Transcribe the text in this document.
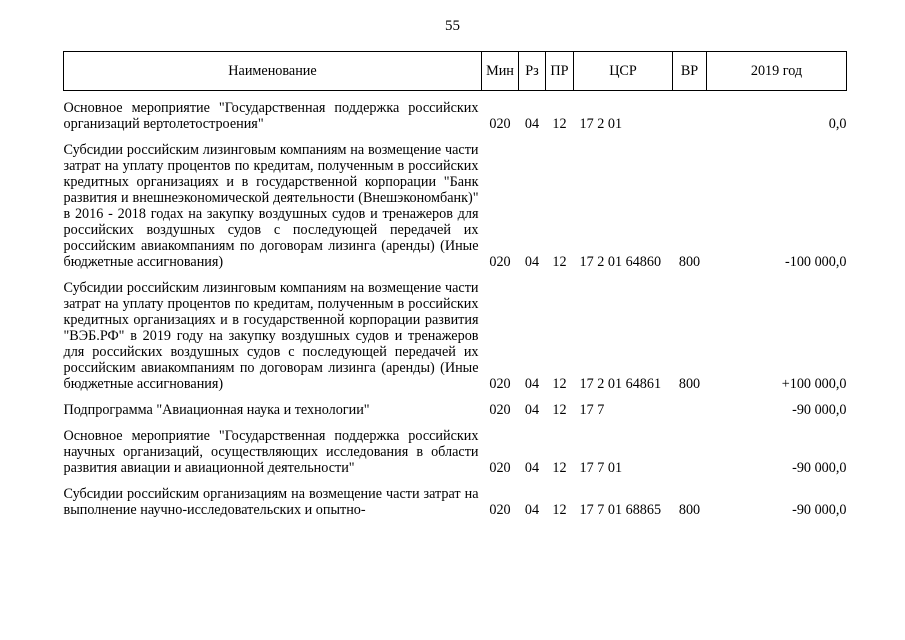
55
Наименование	Мин	Рз	ПР	ЦСР	ВР	2019 год
Основное мероприятие "Государственная поддержка российских организаций вертолетостроения"	020	04	12	17 2 01		0,0
Субсидии российским лизинговым компаниям на возмещение части затрат на уплату процентов по кредитам, полученным в российских кредитных организациях и в государственной корпорации "Банк развития и внешнеэкономической деятельности (Внешэкономбанк)" в 2016 - 2018 годах на закупку воздушных судов и тренажеров для российских воздушных судов с последующей передачей их российским авиакомпаниям по договорам лизинга (аренды) (Иные бюджетные ассигнования)	020	04	12	17 2 01 64860	800	-100 000,0
Субсидии российским лизинговым компаниям на возмещение части затрат на уплату процентов по кредитам, полученным в российских кредитных организациях и в государственной корпорации развития "ВЭБ.РФ" в 2019 году на закупку воздушных судов и тренажеров для российских воздушных судов с последующей передачей их российским авиакомпаниям по договорам лизинга (аренды) (Иные бюджетные ассигнования)	020	04	12	17 2 01 64861	800	+100 000,0
Подпрограмма "Авиационная наука и технологии"	020	04	12	17 7		-90 000,0
Основное мероприятие "Государственная поддержка российских научных организаций, осуществляющих исследования в области развития авиации и авиационной деятельности"	020	04	12	17 7 01		-90 000,0
Субсидии российским организациям на возмещение части затрат на выполнение научно-исследовательских и опытно-	020	04	12	17 7 01 68865	800	-90 000,0
